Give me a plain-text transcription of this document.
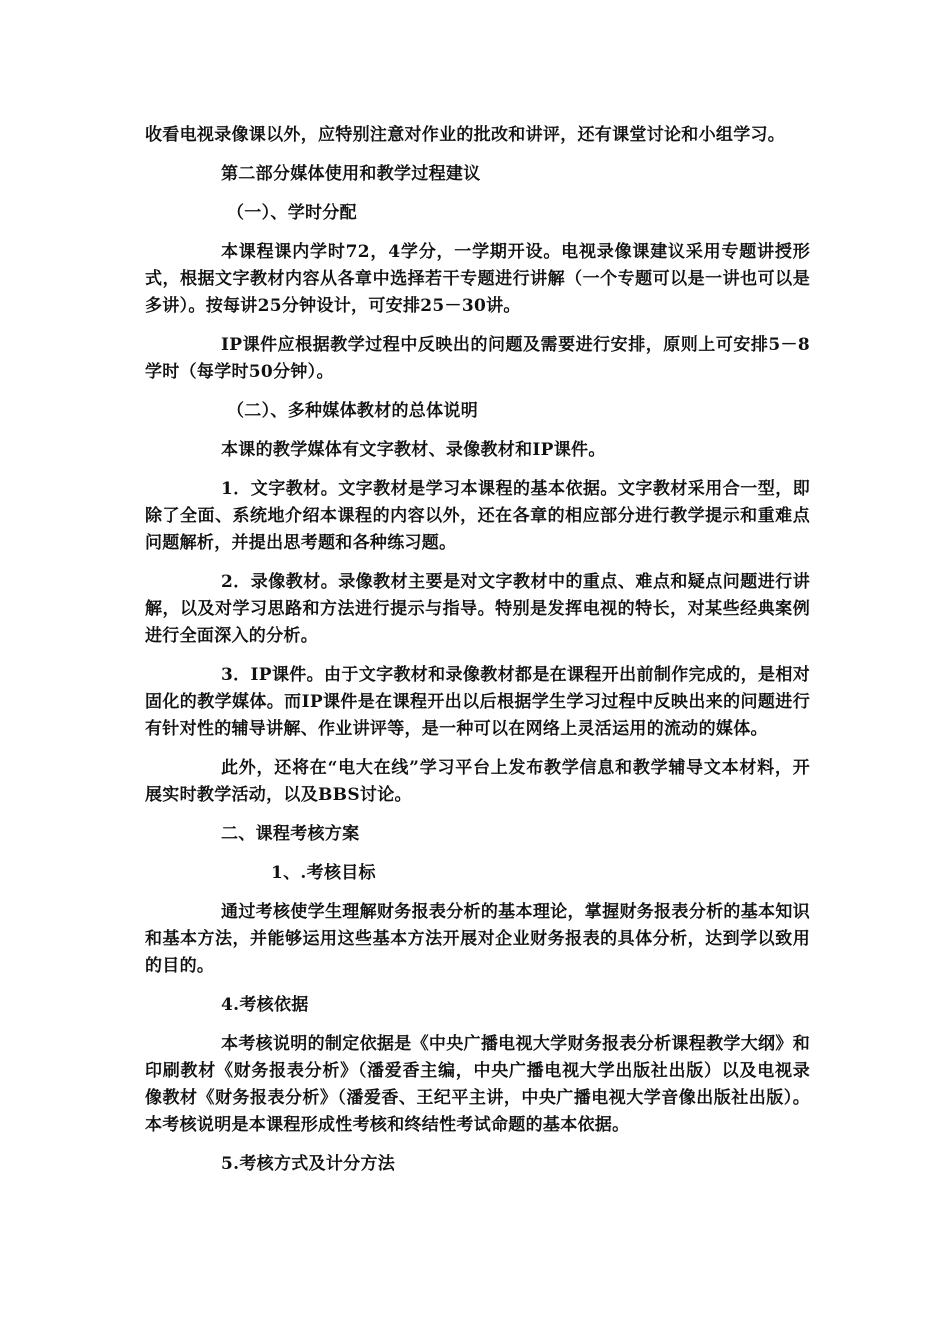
收看电视录像课以外，应特别注意对作业的批改和讲评，还有课堂讨论和小组学习。

第二部分媒体使用和教学过程建议

（一）、学时分配

本课程课内学时72，4学分，一学期开设。电视录像课建议采用专题讲授形式，根据文字教材内容从各章中选择若干专题进行讲解（一个专题可以是一讲也可以是多讲）。按每讲25分钟设计，可安排25－30讲。

IP课件应根据教学过程中反映出的问题及需要进行安排，原则上可安排5－8学时（每学时50分钟）。

（二）、多种媒体教材的总体说明

本课的教学媒体有文字教材、录像教材和IP课件。

1．文字教材。文字教材是学习本课程的基本依据。文字教材采用合一型，即除了全面、系统地介绍本课程的内容以外，还在各章的相应部分进行教学提示和重难点问题解析，并提出思考题和各种练习题。

2．录像教材。录像教材主要是对文字教材中的重点、难点和疑点问题进行讲解，以及对学习思路和方法进行提示与指导。特别是发挥电视的特长，对某些经典案例进行全面深入的分析。

3．IP课件。由于文字教材和录像教材都是在课程开出前制作完成的，是相对固化的教学媒体。而IP课件是在课程开出以后根据学生学习过程中反映出来的问题进行有针对性的辅导讲解、作业讲评等，是一种可以在网络上灵活运用的流动的媒体。

此外，还将在“电大在线”学习平台上发布教学信息和教学辅导文本材料，开展实时教学活动，以及BBS讨论。

二、课程考核方案

1、.考核目标

通过考核使学生理解财务报表分析的基本理论，掌握财务报表分析的基本知识和基本方法，并能够运用这些基本方法开展对企业财务报表的具体分析，达到学以致用的目的。

4.考核依据

本考核说明的制定依据是《中央广播电视大学财务报表分析课程教学大纲》和印刷教材《财务报表分析》（潘爱香主编，中央广播电视大学出版社出版）以及电视录像教材《财务报表分析》（潘爱香、王纪平主讲，中央广播电视大学音像出版社出版）。本考核说明是本课程形成性考核和终结性考试命题的基本依据。

5.考核方式及计分方法
